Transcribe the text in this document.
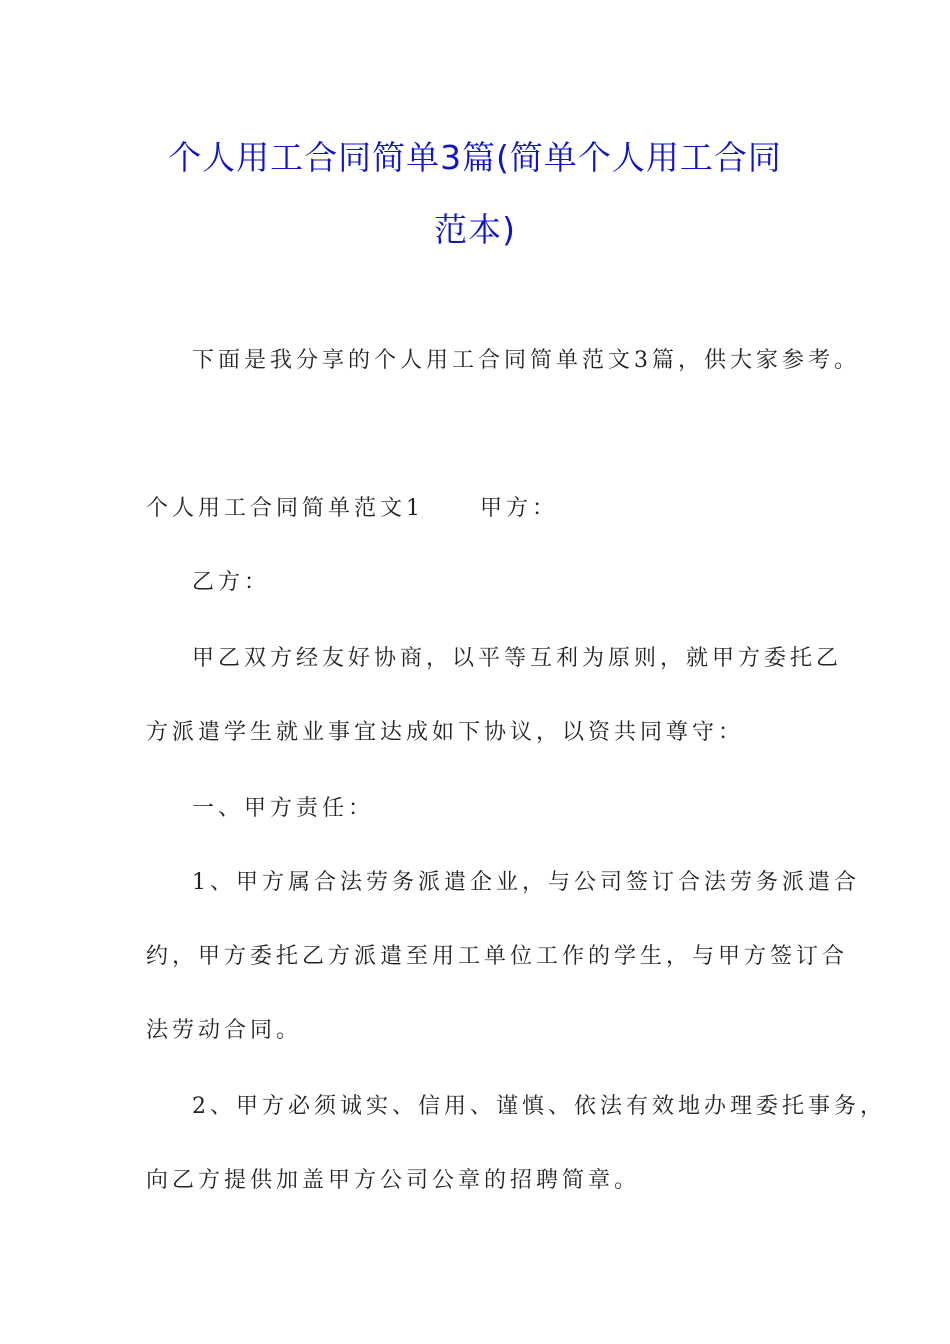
个人用工合同简单3篇(简单个人用工合同
范本)
下面是我分享的个人用工合同简单范文3篇，供大家参考。
个人用工合同简单范文1	甲方：
乙方：
甲乙双方经友好协商，以平等互利为原则，就甲方委托乙
方派遣学生就业事宜达成如下协议，以资共同尊守：
一、甲方责任：
1、甲方属合法劳务派遣企业，与公司签订合法劳务派遣合
约，甲方委托乙方派遣至用工单位工作的学生，与甲方签订合
法劳动合同。
2、甲方必须诚实、信用、谨慎、依法有效地办理委托事务，
向乙方提供加盖甲方公司公章的招聘简章。
